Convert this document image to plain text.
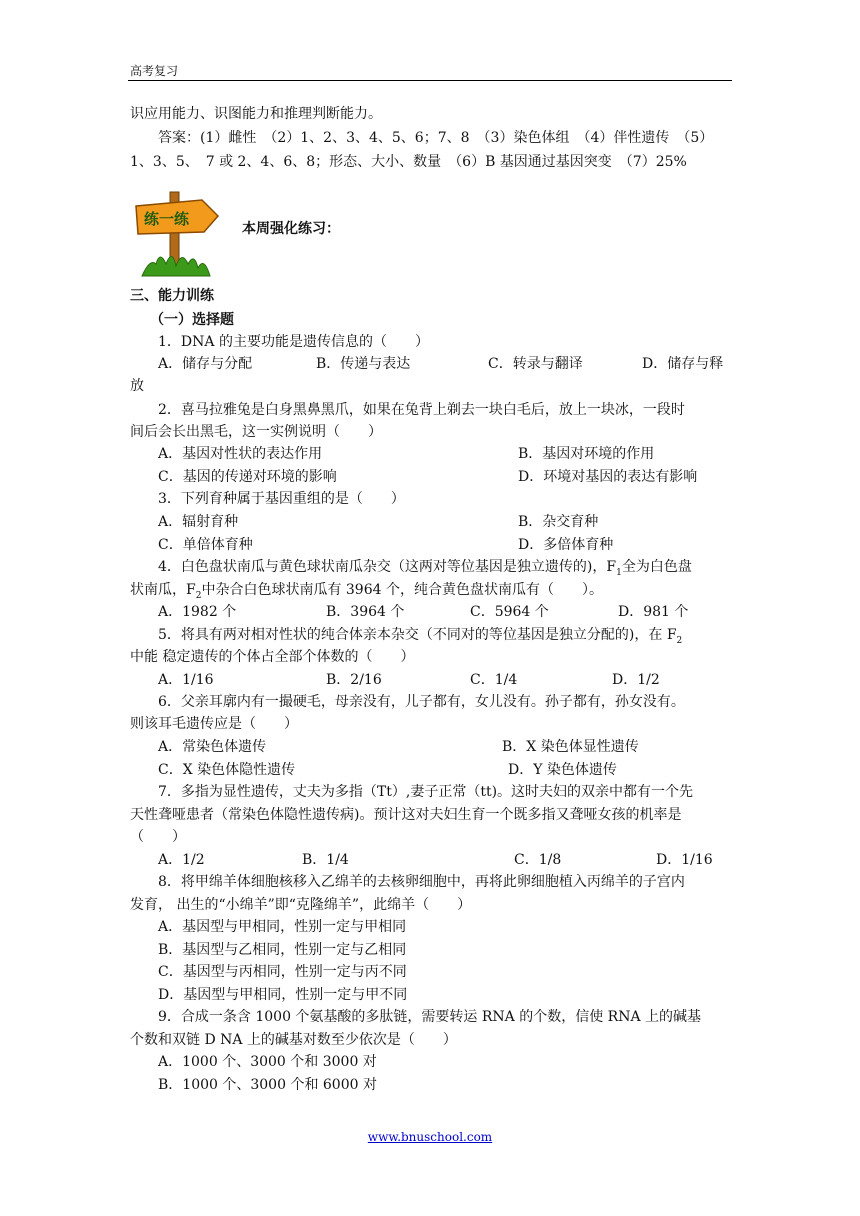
高考复习
识应用能力、识图能力和推理判断能力。
答案：(1）雌性　（2）1、2、3、4、5、6；7、8　（3）染色体组　（4）伴性遗传　（5）
1、3、5、　7 或 2、4、6、8；形态、大小、数量　（6）B 基因通过基因突变　（7）25%
练一练
本周强化练习：
三、能力训练
（一）选择题
1．DNA 的主要功能是遗传信息的（　　）
A．储存与分配	B．传递与表达	C．转录与翻译	D．储存与释
放
2．喜马拉雅兔是白身黑鼻黑爪，如果在兔背上剃去一块白毛后，放上一块冰，一段时
间后会长出黑毛，这一实例说明（　　）
A．基因对性状的表达作用	B．基因对环境的作用
C．基因的传递对环境的影响	D．环境对基因的表达有影响
3．下列育种属于基因重组的是（　　）
A．辐射育种	B．杂交育种
C．单倍体育种	D．多倍体育种
4．白色盘状南瓜与黄色球状南瓜杂交（这两对等位基因是独立遗传的)，$F_1$全为白色盘
状南瓜，$F_2$中杂合白色球状南瓜有 3964 个，纯合黄色盘状南瓜有（　　）。
A．1982 个	B．3964 个	C．5964 个	D．981 个
5．将具有两对相对性状的纯合体亲本杂交（不同对的等位基因是独立分配的)，在 $F_2$
中能 稳定遗传的个体占全部个体数的（　　）
A．1/16	B．2/16	C．1/4	D．1/2
6．父亲耳廓内有一撮硬毛，母亲没有，儿子都有，女儿没有。孙子都有，孙女没有。
则该耳毛遗传应是（　　）
A．常染色体遗传	B．X 染色体显性遗传
C．X 染色体隐性遗传	D．Y 染色体遗传
7．多指为显性遗传，丈夫为多指（Tt）,妻子正常（tt)。这时夫妇的双亲中都有一个先
天性聋哑患者（常染色体隐性遗传病)。预计这对夫妇生育一个既多指又聋哑女孩的机率是
（　　）
A．1/2	B．1/4	C．1/8	D．1/16
8．将甲绵羊体细胞核移入乙绵羊的去核卵细胞中，再将此卵细胞植入丙绵羊的子宫内
发育， 出生的“小绵羊”即“克隆绵羊”，此绵羊（　　）
A．基因型与甲相同，性别一定与甲相同
B．基因型与乙相同，性别一定与乙相同
C．基因型与丙相同，性别一定与丙不同
D．基因型与甲相同，性别一定与甲不同
9．合成一条含 1000 个氨基酸的多肽链，需要转运 RNA 的个数，信使 RNA 上的碱基
个数和双链 D NA 上的碱基对数至少依次是（　　）
A．1000 个、3000 个和 3000 对
B．1000 个、3000 个和 6000 对
www.bnuschool.com
